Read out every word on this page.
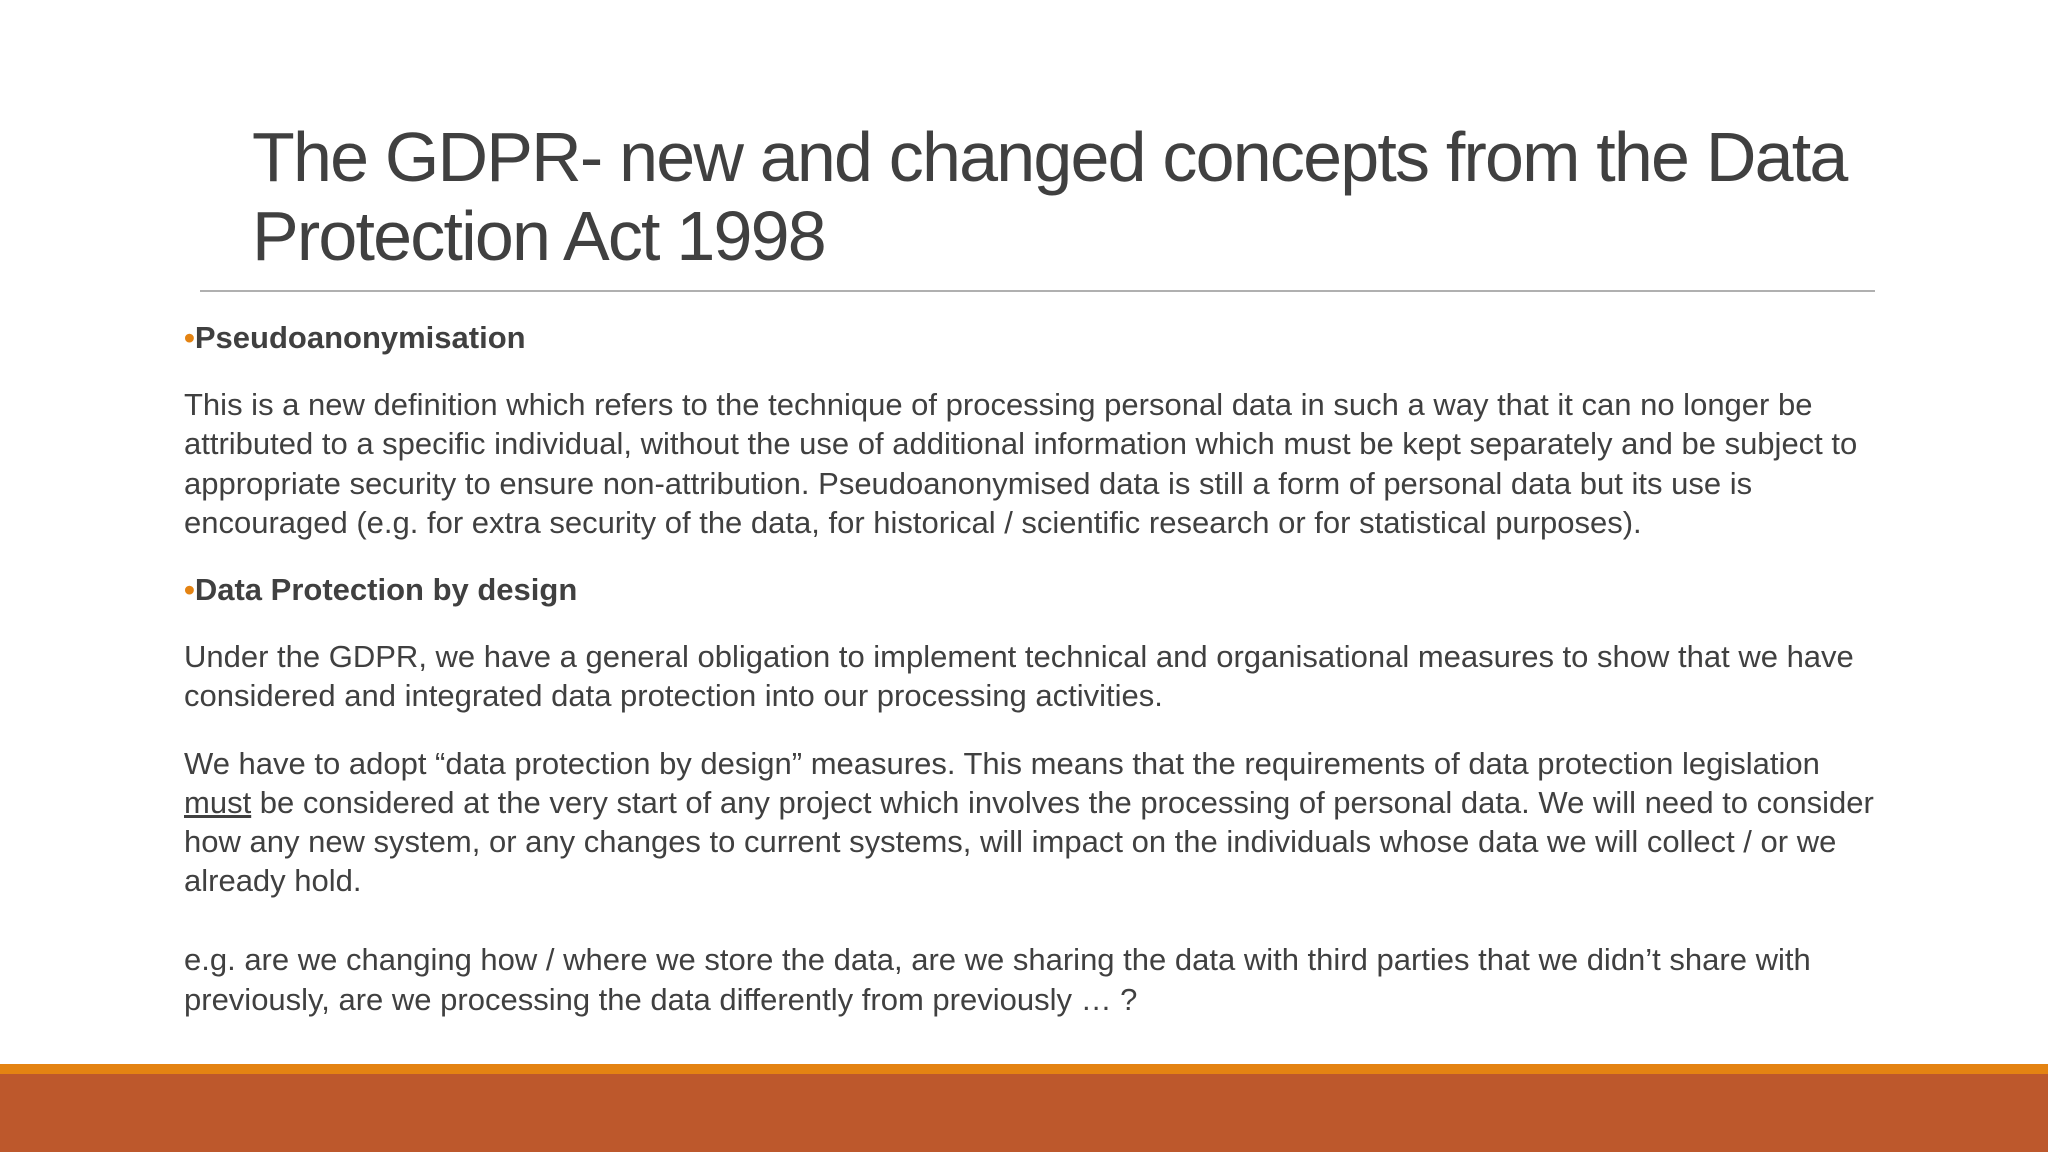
The GDPR- new and changed concepts from the Data Protection Act 1998
•Pseudoanonymisation
This is a new definition which refers to the technique of processing personal data in such a way that it can no longer be attributed to a specific individual, without the use of additional information which must be kept separately and be subject to appropriate security to ensure non-attribution. Pseudoanonymised data is still a form of personal data but its use is encouraged (e.g. for extra security of the data, for historical / scientific research or for statistical purposes).
•Data Protection by design
Under the GDPR, we have a general obligation to implement technical and organisational measures to show that we have considered and integrated data protection into our processing activities.
We have to adopt “data protection by design” measures. This means that the requirements of data protection legislation must be considered at the very start of any project which involves the processing of personal data. We will need to consider how any new system, or any changes to current systems, will impact on the individuals whose data we will collect / or we already hold.
e.g. are we changing how / where we store the data, are we sharing the data with third parties that we didn’t share with previously, are we processing the data differently from previously … ?
